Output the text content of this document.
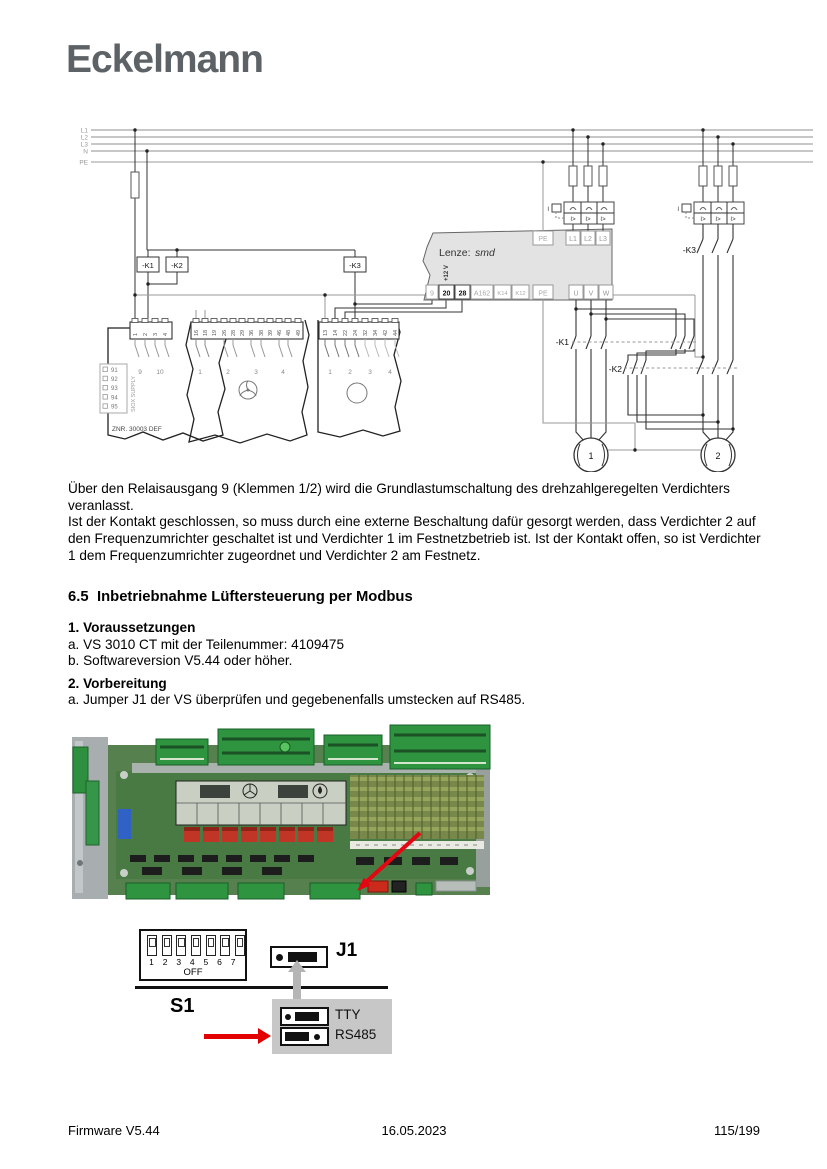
Eckelmann
L1
L2
L3
N
PE
-K1 -K2	-K3
91
92
93
94
95 SIOX SUPPLY
ZNR. 30003 DEF
1 2 3 4
9 10
16 18 19 26 28 29 36 38 39 46 48 49
1	2	3	4
13 14 22 24 32 34 42 44
1	2	3	4
Lenze: smd
+12 V
PE	L1 L2 L3
9 20 28 A162 K14 K12 PE	U V W
I> I> I>
I
I> I> I>
I
-K1
-K2
-K3
1	2

Über den Relaisausgang 9 (Klemmen 1/2) wird die Grundlastumschaltung des drehzahlgeregelten Verdichters veranlasst.

Ist der Kontakt geschlossen, so muss durch eine externe Beschaltung dafür gesorgt werden, dass Verdichter 2 auf den Frequenzumrichter geschaltet ist und Verdichter 1 im Festnetzbetrieb ist. Ist der Kontakt offen, so ist Verdichter 1 dem Frequenzumrichter zugeordnet und Verdichter 2 am Festnetz.

6.5 Inbetriebnahme Lüftersteuerung per Modbus
1. Voraussetzungen
a. VS 3010 CT mit der Teilenummer: 4109475
b. Softwareversion V5.44 oder höher.
2. Vorbereitung
a. Jumper J1 der VS überprüfen und gegebenenfalls umstecken auf RS485.
1 2 3 4 5 6 7
OFF
S1
J1
TTY
RS485
Firmware V5.44	16.05.2023	115/199
